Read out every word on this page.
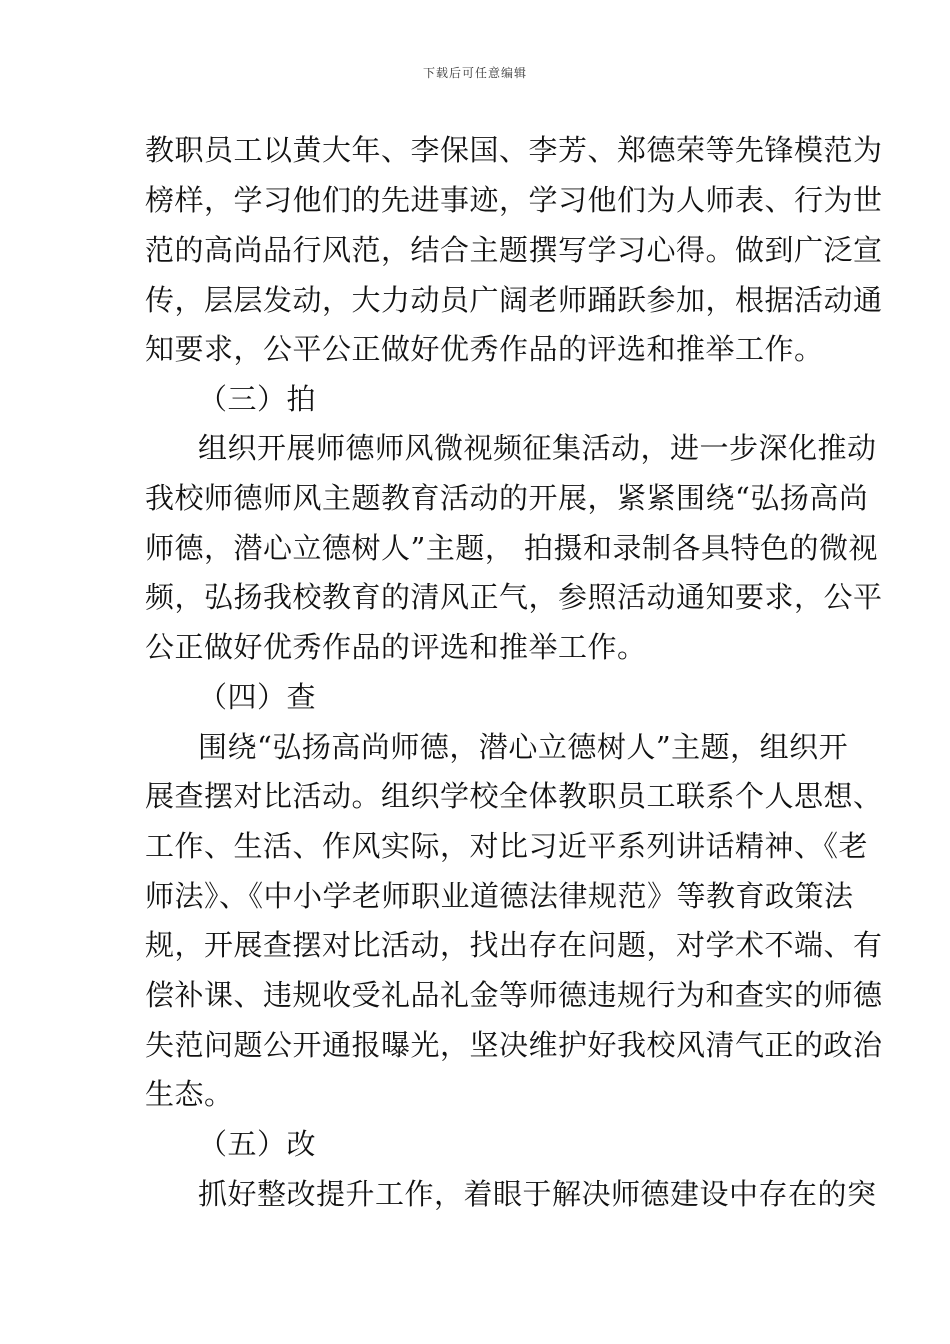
下载后可任意编辑
教职员工以黄大年、李保国、李芳、郑德荣等先锋模范为
榜样，学习他们的先进事迹，学习他们为人师表、行为世
范的高尚品行风范，结合主题撰写学习心得。做到广泛宣
传，层层发动，大力动员广阔老师踊跃参加，根据活动通
知要求，公平公正做好优秀作品的评选和推举工作。
（三）拍
组织开展师德师风微视频征集活动，进一步深化推动
我校师德师风主题教育活动的开展，紧紧围绕“弘扬高尚
师德，潜心立德树人”主题， 拍摄和录制各具特色的微视
频，弘扬我校教育的清风正气，参照活动通知要求，公平
公正做好优秀作品的评选和推举工作。
（四）查
围绕“弘扬高尚师德，潜心立德树人”主题，组织开
展查摆对比活动。组织学校全体教职员工联系个人思想、
工作、生活、作风实际，对比习近平系列讲话精神、《老
师法》、《中小学老师职业道德法律规范》等教育政策法
规，开展查摆对比活动，找出存在问题，对学术不端、有
偿补课、违规收受礼品礼金等师德违规行为和查实的师德
失范问题公开通报曝光，坚决维护好我校风清气正的政治
生态。
（五）改
抓好整改提升工作，着眼于解决师德建设中存在的突
